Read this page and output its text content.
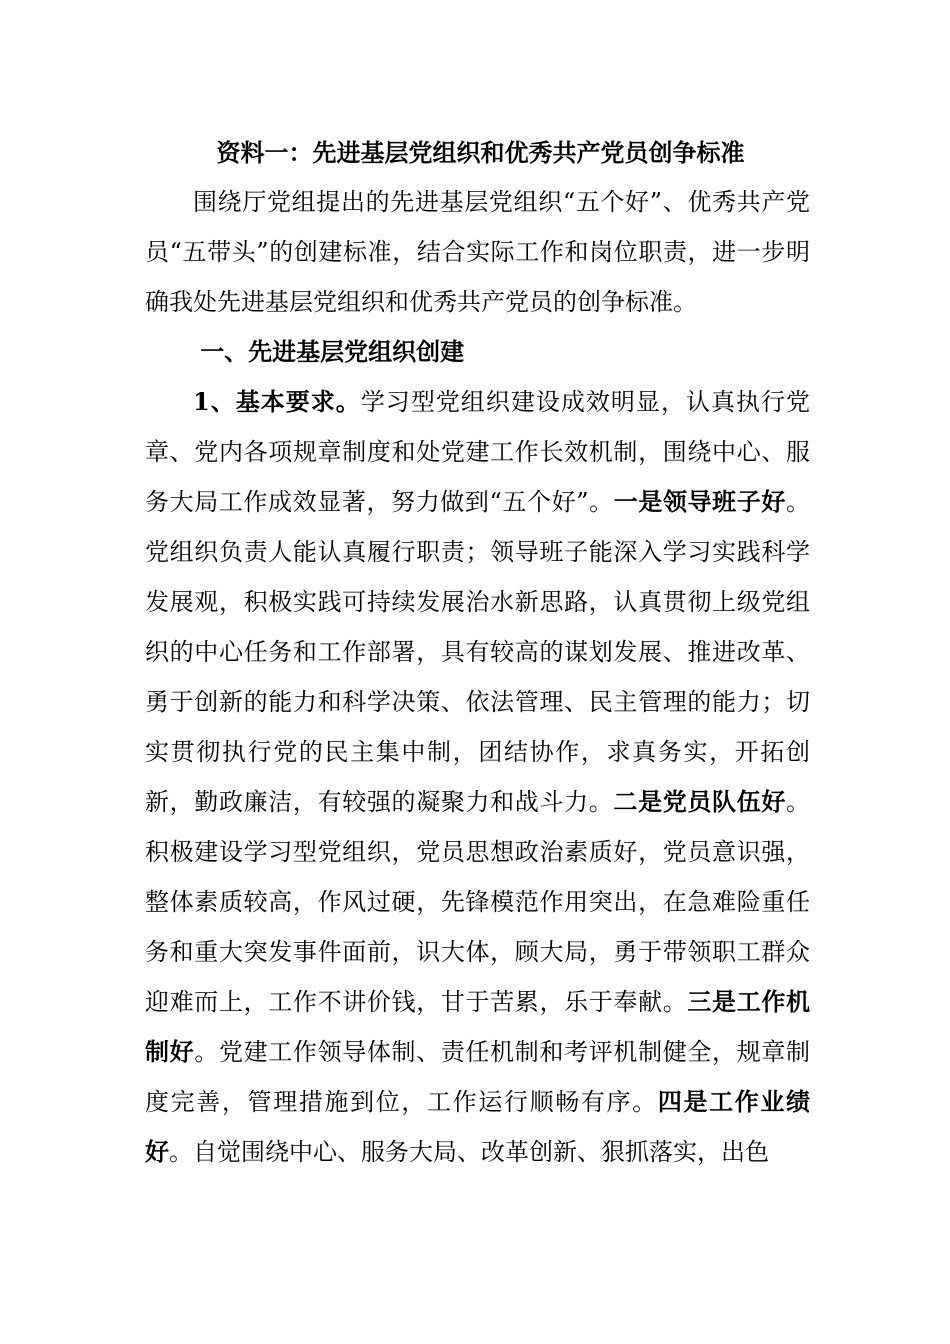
资料一：先进基层党组织和优秀共产党员创争标准

围绕厅党组提出的先进基层党组织“五个好”、优秀共产党员“五带头”的创建标准，结合实际工作和岗位职责，进一步明确我处先进基层党组织和优秀共产党员的创争标准。

一、先进基层党组织创建

1、基本要求。学习型党组织建设成效明显，认真执行党章、党内各项规章制度和处党建工作长效机制，围绕中心、服务大局工作成效显著，努力做到“五个好”。一是领导班子好。党组织负责人能认真履行职责；领导班子能深入学习实践科学发展观，积极实践可持续发展治水新思路，认真贯彻上级党组织的中心任务和工作部署，具有较高的谋划发展、推进改革、勇于创新的能力和科学决策、依法管理、民主管理的能力；切实贯彻执行党的民主集中制，团结协作，求真务实，开拓创新，勤政廉洁，有较强的凝聚力和战斗力。二是党员队伍好。积极建设学习型党组织，党员思想政治素质好，党员意识强，整体素质较高，作风过硬，先锋模范作用突出，在急难险重任务和重大突发事件面前，识大体，顾大局，勇于带领职工群众迎难而上，工作不讲价钱，甘于苦累，乐于奉献。三是工作机制好。党建工作领导体制、责任机制和考评机制健全，规章制度完善，管理措施到位，工作运行顺畅有序。四是工作业绩好。自觉围绕中心、服务大局、改革创新、狠抓落实，出色
